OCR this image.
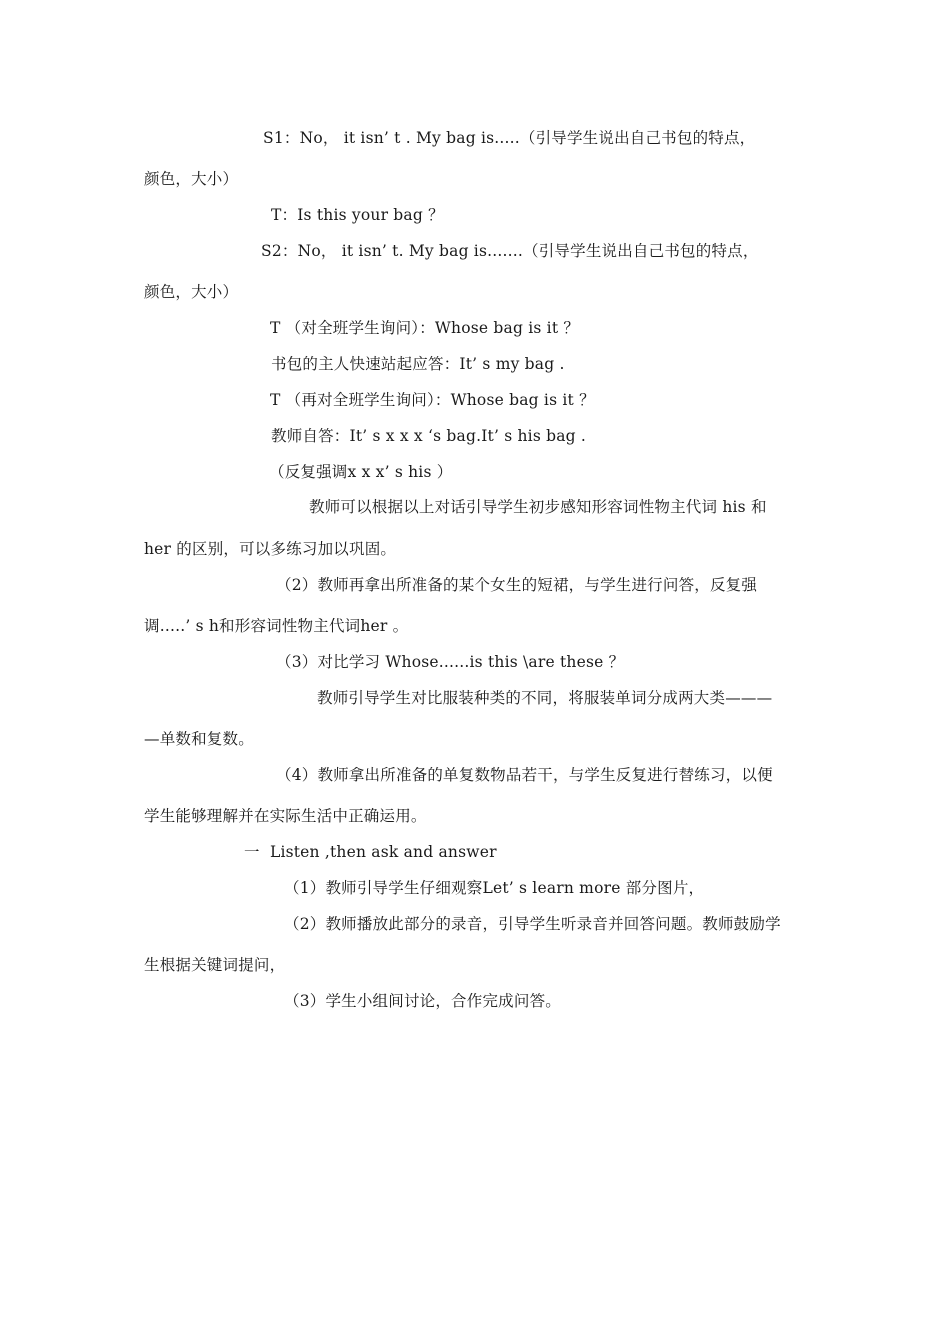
S1：No， it isn’ t . My bag is.....（引导学生说出自己书包的特点，
颜色，大小）
T：Is this your bag ？
S2：No， it isn’ t. My bag is.......（引导学生说出自己书包的特点，
颜色，大小）
T （对全班学生询问）：Whose bag is it ？
书包的主人快速站起应答：It’ s my bag .
T （再对全班学生询问）：Whose bag is it ？
教师自答：It’ s x x x ‘s bag.It’ s his bag .
（反复强调x x x’ s his ）
教师可以根据以上对话引导学生初步感知形容词性物主代词 his 和
her 的区别，可以多练习加以巩固。
（2）教师再拿出所准备的某个女生的短裙，与学生进行问答，反复强
调.....’ s h和形容词性物主代词her 。
（3）对比学习 Whose......is this \are these ？
教师引导学生对比服装种类的不同，将服装单词分成两大类———
—单数和复数。
（4）教师拿出所准备的单复数物品若干，与学生反复进行替练习，以便
学生能够理解并在实际生活中正确运用。
一  Listen ,then ask and answer
（1）教师引导学生仔细观察Let’ s learn more 部分图片，
（2）教师播放此部分的录音，引导学生听录音并回答问题。教师鼓励学
生根据关键词提问，
（3）学生小组间讨论，合作完成问答。
